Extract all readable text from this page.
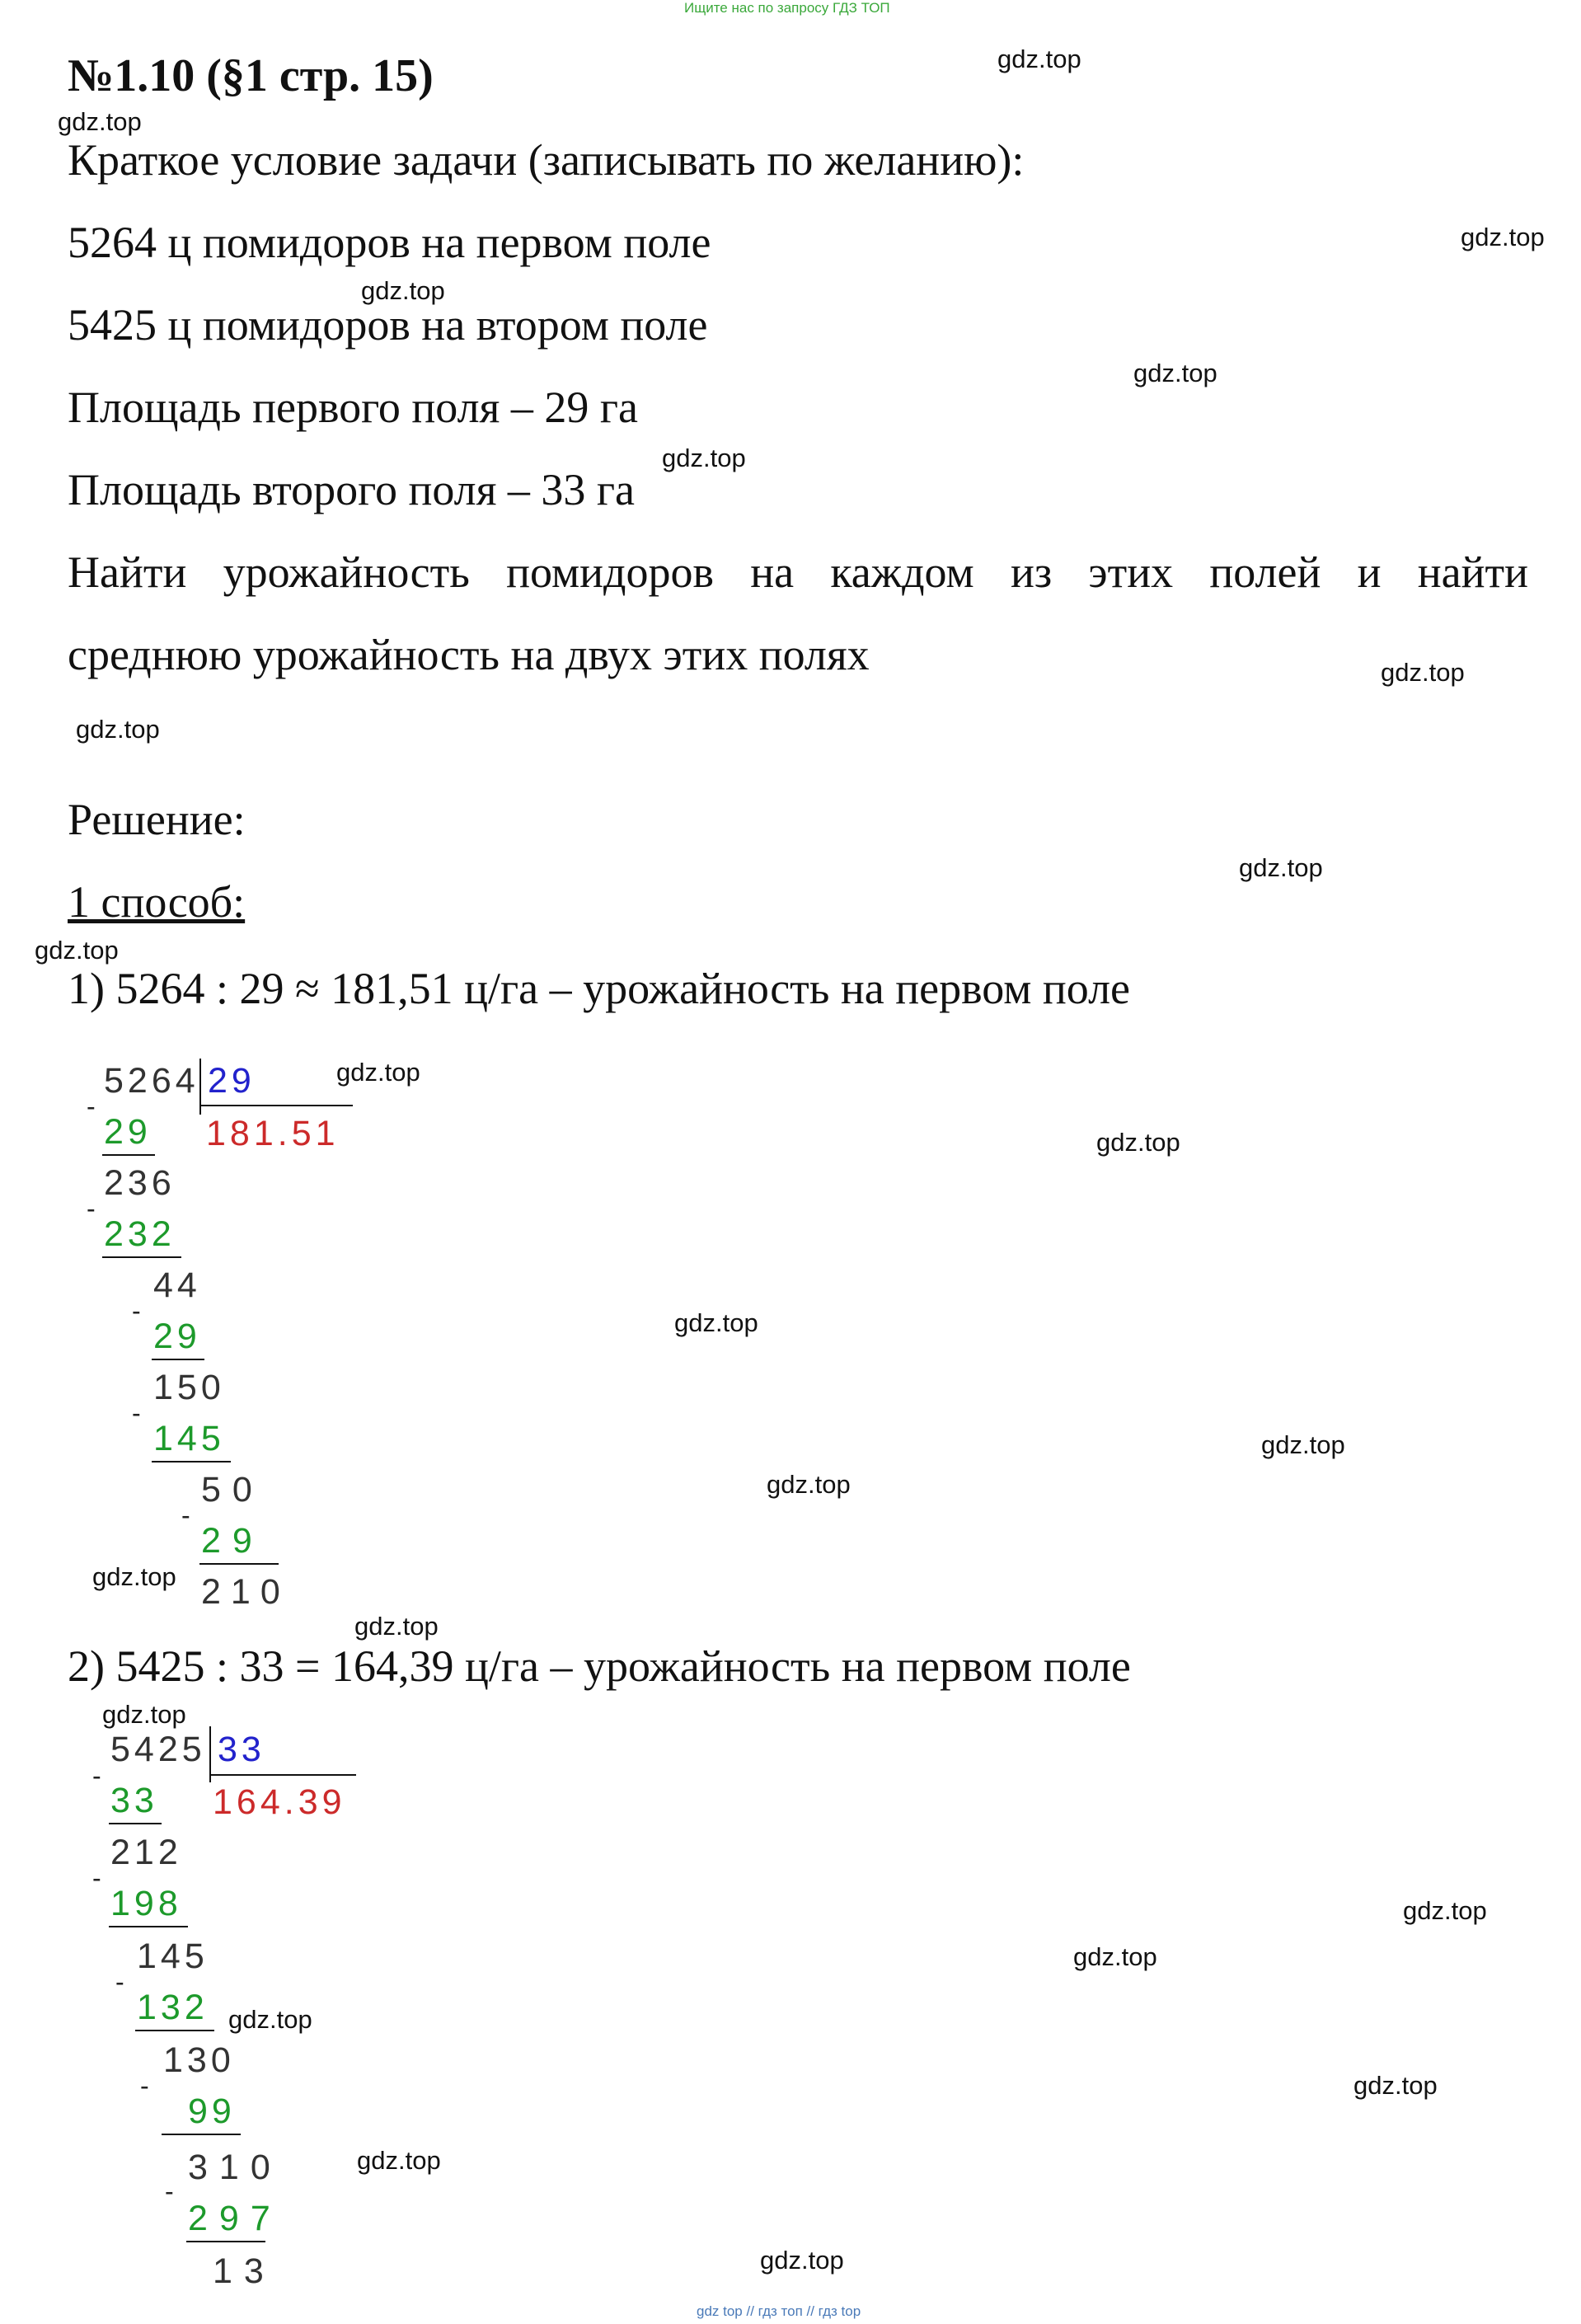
Ищите нас по запросу ГДЗ ТОП
gdz top // гдз топ // гдз top
№1.10 (§1 стр. 15)
Краткое условие задачи (записывать по желанию):
5264 ц помидоров на первом поле
5425 ц помидоров на втором поле
Площадь первого поля – 29 га
Площадь второго поля – 33 га
Найти урожайность помидоров на каждом из этих полей и найти
среднюю урожайность на двух этих полях
Решение:
1 способ:
1) 5264 : 29 ≈ 181,51 ц/га – урожайность на первом поле
5264 29
181.51
-
29
236
-
232
44
-
29
150
-
145
50
-
29
210
2) 5425 : 33 = 164,39 ц/га – урожайность на первом поле
5425 33
164.39
-
33
212
-
198
145
-
132
130
-
99
310
-
297
13
gdz.top
gdz.top
gdz.top
gdz.top
gdz.top
gdz.top
gdz.top
gdz.top
gdz.top
gdz.top
gdz.top
gdz.top
gdz.top
gdz.top
gdz.top
gdz.top
gdz.top
gdz.top
gdz.top
gdz.top
gdz.top
gdz.top
gdz.top
gdz.top
